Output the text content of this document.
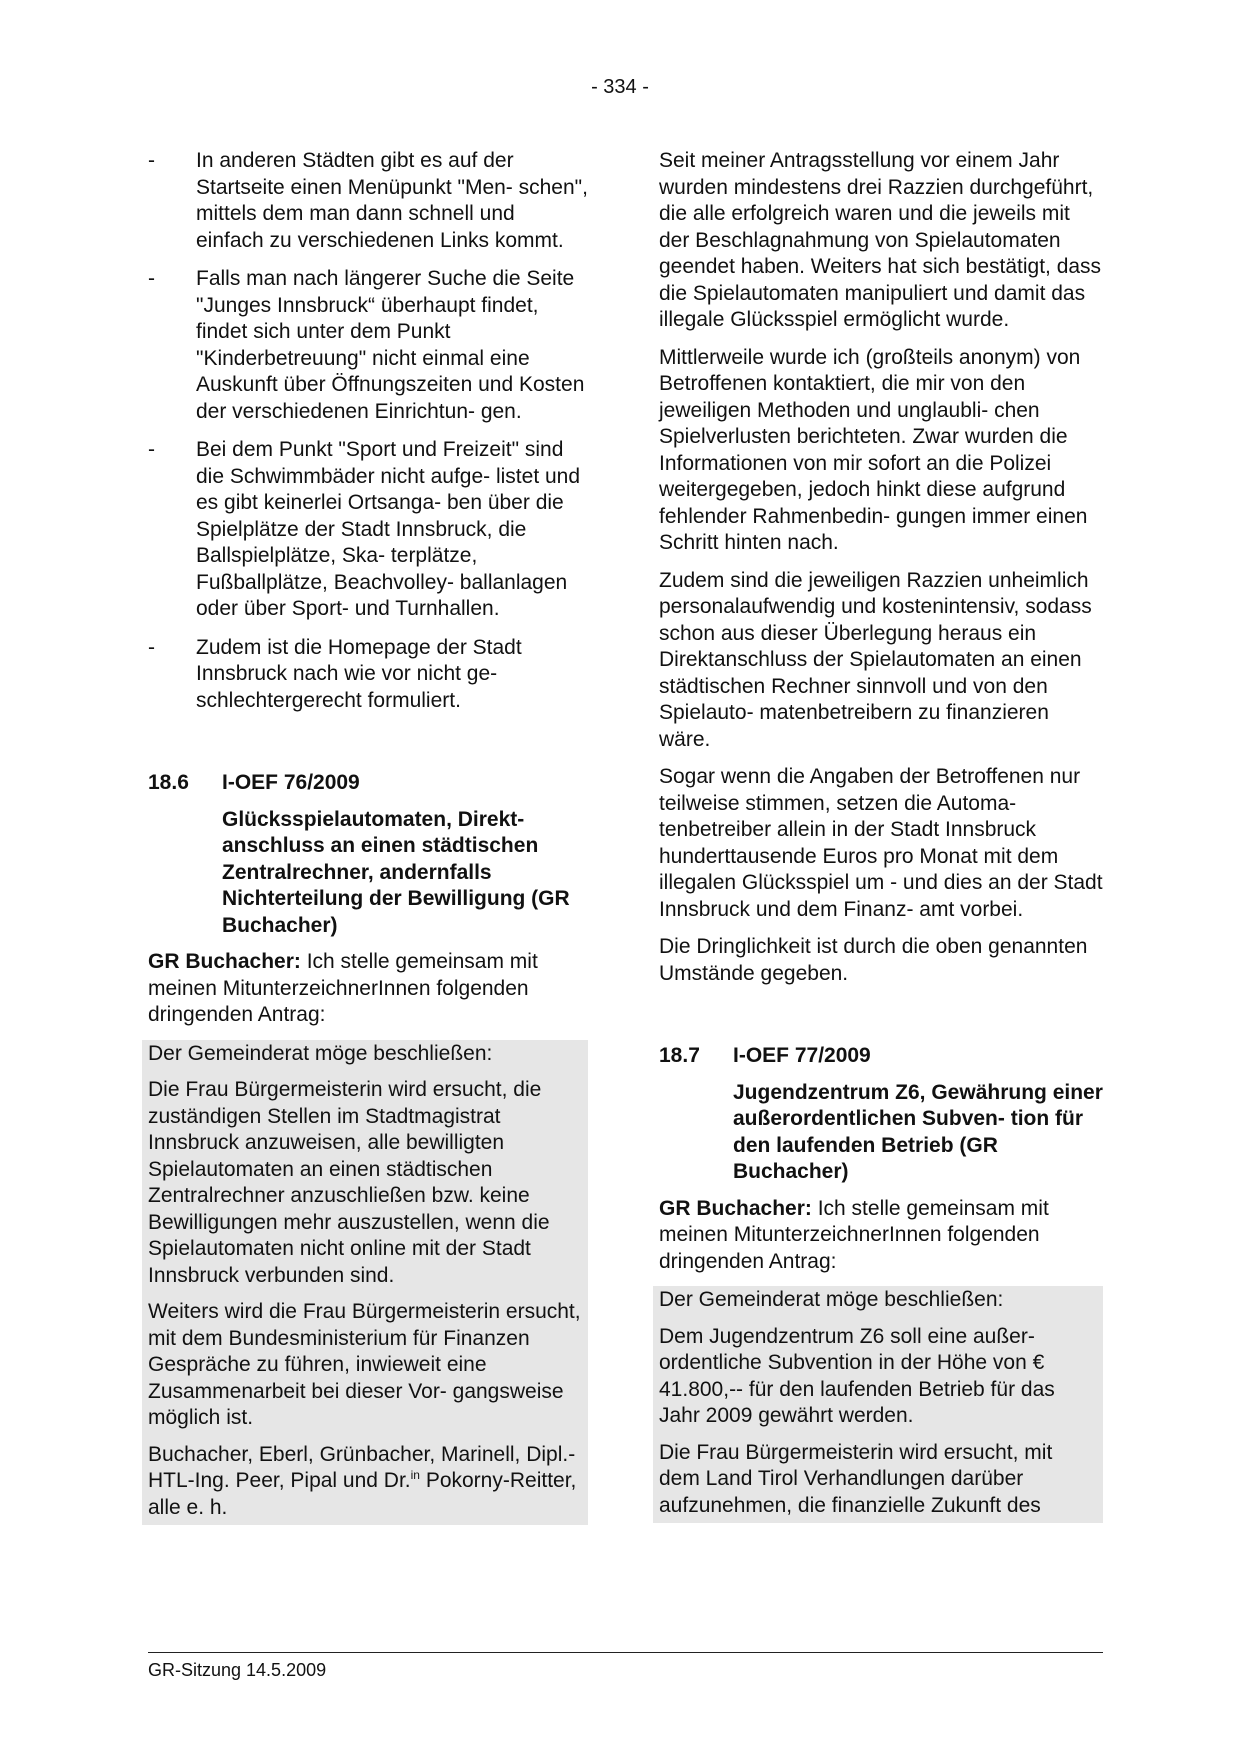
- 334 -
- In anderen Städten gibt es auf der Startseite einen Menüpunkt "Men- schen", mittels dem man dann schnell und einfach zu verschiedenen Links kommt.
- Falls man nach längerer Suche die Seite "Junges Innsbruck“ überhaupt findet, findet sich unter dem Punkt "Kinderbetreuung" nicht einmal eine Auskunft über Öffnungszeiten und Kosten der verschiedenen Einrichtun- gen.
- Bei dem Punkt "Sport und Freizeit" sind die Schwimmbäder nicht aufge- listet und es gibt keinerlei Ortsanga- ben über die Spielplätze der Stadt Innsbruck, die Ballspielplätze, Ska- terplätze, Fußballplätze, Beachvolley- ballanlagen oder über Sport- und Turnhallen.
- Zudem ist die Homepage der Stadt Innsbruck nach wie vor nicht ge- schlechtergerecht formuliert.
18.6	I-OEF 76/2009
Glücksspielautomaten, Direkt- anschluss an einen städtischen Zentralrechner, andernfalls Nichterteilung der Bewilligung (GR Buchacher)

GR Buchacher: Ich stelle gemeinsam mit meinen MitunterzeichnerInnen folgenden dringenden Antrag:

Der Gemeinderat möge beschließen:

Die Frau Bürgermeisterin wird ersucht, die zuständigen Stellen im Stadtmagistrat Innsbruck anzuweisen, alle bewilligten Spielautomaten an einen städtischen Zentralrechner anzuschließen bzw. keine Bewilligungen mehr auszustellen, wenn die Spielautomaten nicht online mit der Stadt Innsbruck verbunden sind.

Weiters wird die Frau Bürgermeisterin ersucht, mit dem Bundesministerium für Finanzen Gespräche zu führen, inwieweit eine Zusammenarbeit bei dieser Vor- gangsweise möglich ist.

Buchacher, Eberl, Grünbacher, Marinell, Dipl.-HTL-Ing. Peer, Pipal und Dr.$^{in}$ Pokorny-Reitter, alle e. h.

Seit meiner Antragsstellung vor einem Jahr wurden mindestens drei Razzien durchgeführt, die alle erfolgreich waren und die jeweils mit der Beschlagnahmung von Spielautomaten geendet haben. Weiters hat sich bestätigt, dass die Spielautomaten manipuliert und damit das illegale Glücksspiel ermöglicht wurde.

Mittlerweile wurde ich (großteils anonym) von Betroffenen kontaktiert, die mir von den jeweiligen Methoden und unglaubli- chen Spielverlusten berichteten. Zwar wurden die Informationen von mir sofort an die Polizei weitergegeben, jedoch hinkt diese aufgrund fehlender Rahmenbedin- gungen immer einen Schritt hinten nach.

Zudem sind die jeweiligen Razzien unheimlich personalaufwendig und kostenintensiv, sodass schon aus dieser Überlegung heraus ein Direktanschluss der Spielautomaten an einen städtischen Rechner sinnvoll und von den Spielauto- matenbetreibern zu finanzieren wäre.

Sogar wenn die Angaben der Betroffenen nur teilweise stimmen, setzen die Automa- tenbetreiber allein in der Stadt Innsbruck hunderttausende Euros pro Monat mit dem illegalen Glücksspiel um - und dies an der Stadt Innsbruck und dem Finanz- amt vorbei.

Die Dringlichkeit ist durch die oben genannten Umstände gegeben.

18.7	I-OEF 77/2009
Jugendzentrum Z6, Gewährung einer außerordentlichen Subven- tion für den laufenden Betrieb (GR Buchacher)

GR Buchacher: Ich stelle gemeinsam mit meinen MitunterzeichnerInnen folgenden dringenden Antrag:

Der Gemeinderat möge beschließen:

Dem Jugendzentrum Z6 soll eine außer- ordentliche Subvention in der Höhe von € 41.800,-- für den laufenden Betrieb für das Jahr 2009 gewährt werden.

Die Frau Bürgermeisterin wird ersucht, mit dem Land Tirol Verhandlungen darüber aufzunehmen, die finanzielle Zukunft des

GR-Sitzung 14.5.2009
